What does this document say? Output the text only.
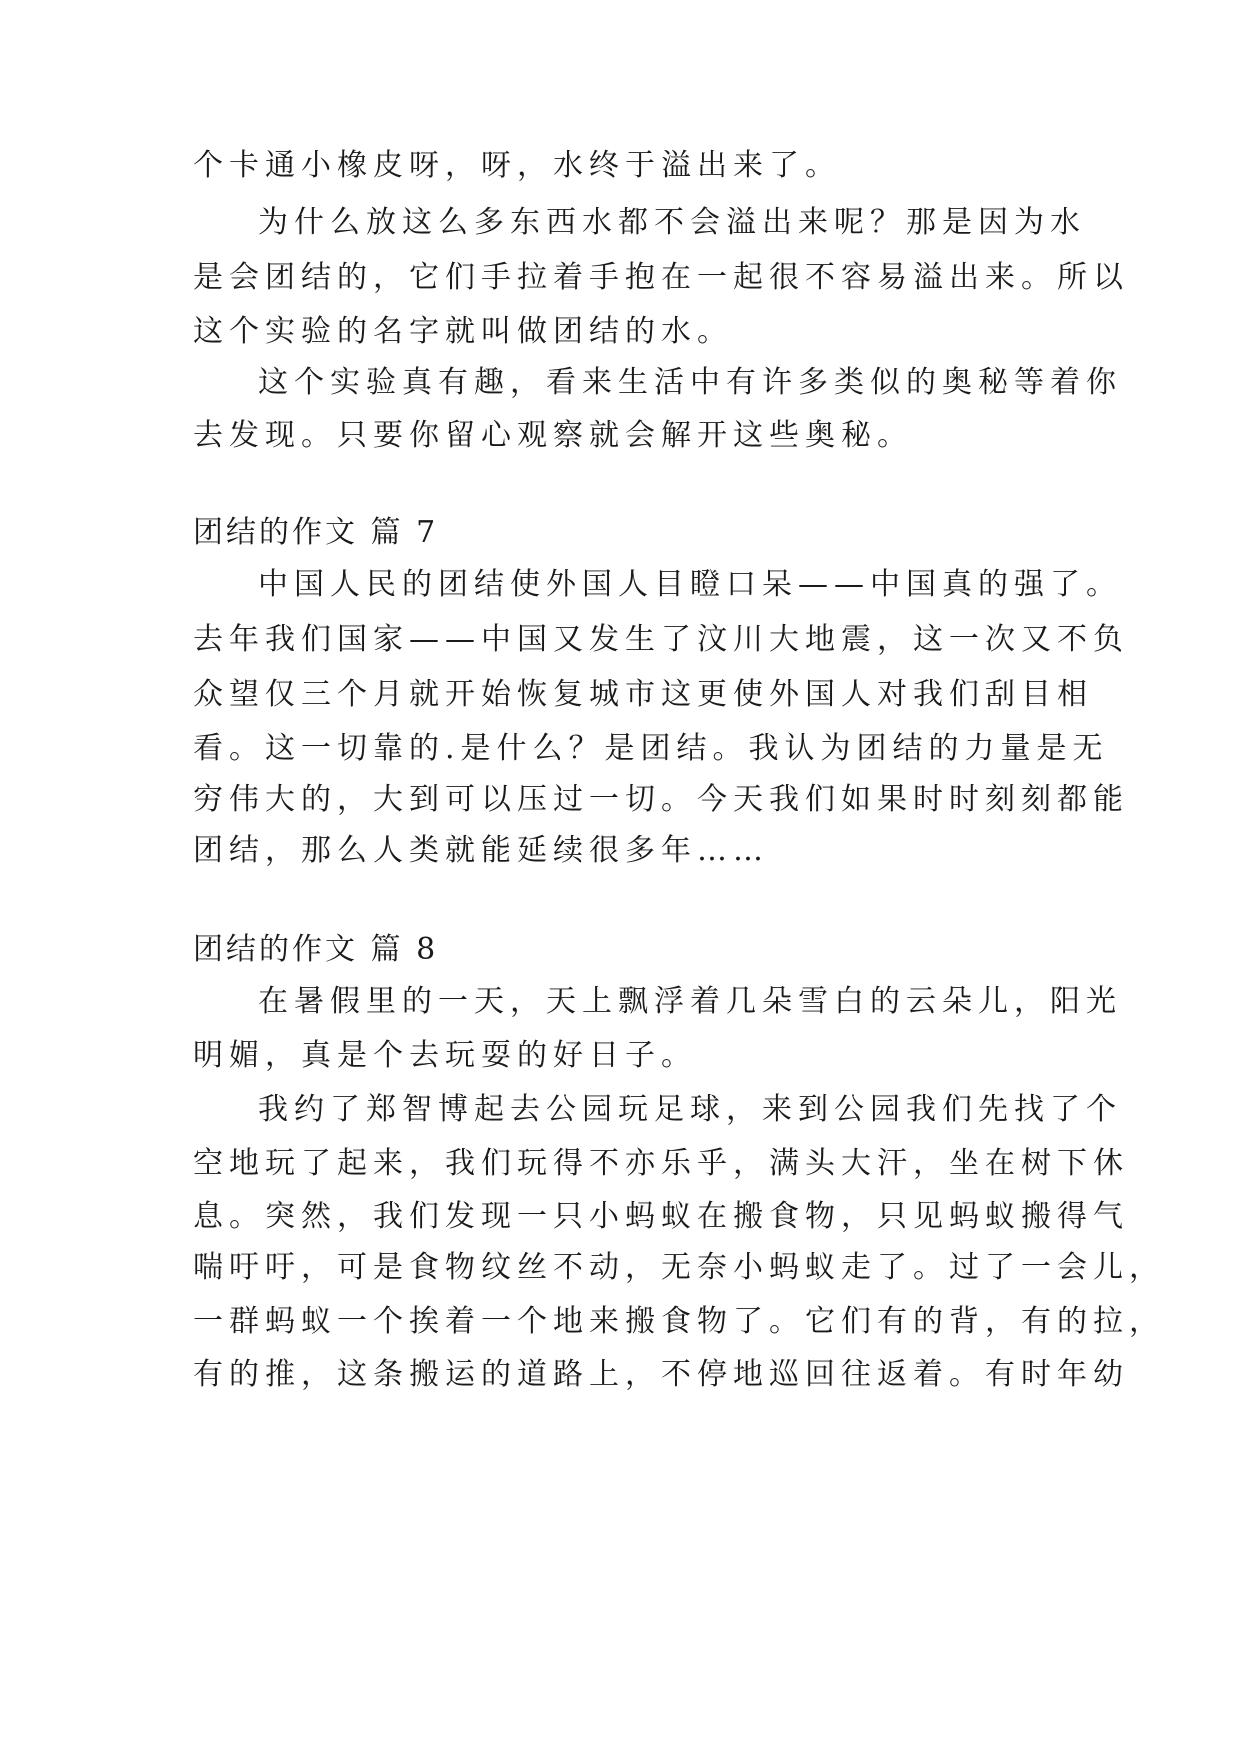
个卡通小橡皮呀，呀，水终于溢出来了。
为什么放这么多东西水都不会溢出来呢？那是因为水
是会团结的，它们手拉着手抱在一起很不容易溢出来。所以
这个实验的名字就叫做团结的水。
这个实验真有趣，看来生活中有许多类似的奥秘等着你
去发现。只要你留心观察就会解开这些奥秘。
团结的作文 篇 7
中国人民的团结使外国人目瞪口呆——中国真的强了。
去年我们国家——中国又发生了汶川大地震，这一次又不负
众望仅三个月就开始恢复城市这更使外国人对我们刮目相
看。这一切靠的.是什么？是团结。我认为团结的力量是无
穷伟大的，大到可以压过一切。今天我们如果时时刻刻都能
团结，那么人类就能延续很多年……
团结的作文 篇 8
在暑假里的一天，天上飘浮着几朵雪白的云朵儿，阳光
明媚，真是个去玩耍的好日子。
我约了郑智博起去公园玩足球，来到公园我们先找了个
空地玩了起来，我们玩得不亦乐乎，满头大汗，坐在树下休
息。突然，我们发现一只小蚂蚁在搬食物，只见蚂蚁搬得气
喘吁吁，可是食物纹丝不动，无奈小蚂蚁走了。过了一会儿，
一群蚂蚁一个挨着一个地来搬食物了。它们有的背，有的拉，
有的推，这条搬运的道路上，不停地巡回往返着。有时年幼
